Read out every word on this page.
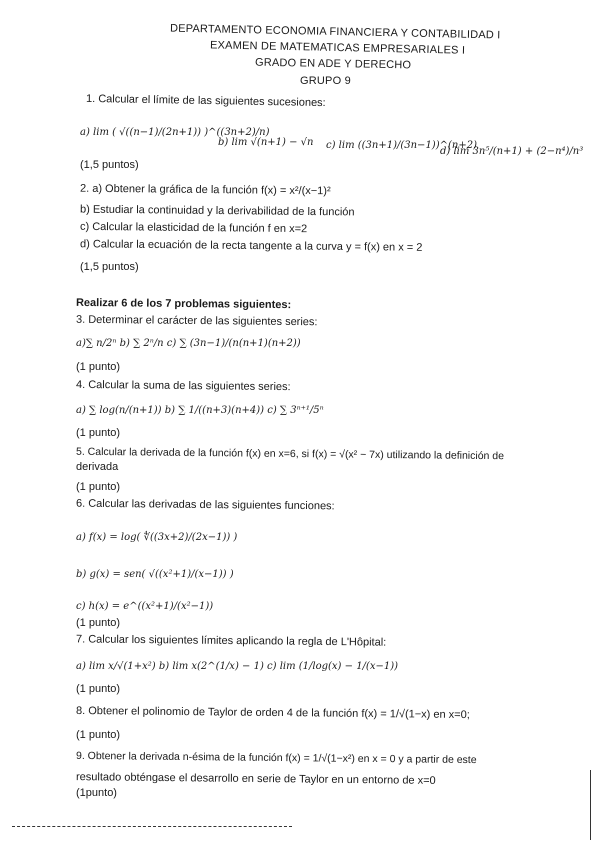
DEPARTAMENTO ECONOMIA FINANCIERA Y CONTABILIDAD I
EXAMEN DE MATEMATICAS EMPRESARIALES I
GRADO EN ADE Y DERECHO
GRUPO 9
1. Calcular el límite de las siguientes sucesiones:
a) lim ( √((n−1)/(2n+1)) )^((3n+2)/n)
b) lim √(n+1) − √n c) lim ((3n+1)/(3n−1))^(n+2)
d) lim 3n⁵/(n+1) + (2−n⁴)/n³
(1,5 puntos)
2. a) Obtener la gráfica de la función f(x) = x²/(x−1)²
b) Estudiar la continuidad y la derivabilidad de la función
c) Calcular la elasticidad de la función f en x=2
d) Calcular la ecuación de la recta tangente a la curva y = f(x) en x = 2
(1,5 puntos)
Realizar 6 de los 7 problemas siguientes:
3. Determinar el carácter de las siguientes series:
a)∑ n/2ⁿ b) ∑ 2ⁿ/n c) ∑ (3n−1)/(n(n+1)(n+2))
(1 punto)
4. Calcular la suma de las siguientes series:
a) ∑ log(n/(n+1)) b) ∑ 1/((n+3)(n+4)) c) ∑ 3ⁿ⁺¹/5ⁿ
(1 punto)
5. Calcular la derivada de la función f(x) en x=6, si f(x) = √(x² − 7x) utilizando la definición de
derivada
(1 punto)
6. Calcular las derivadas de las siguientes funciones:
a) f(x) = log( ∜((3x+2)/(2x−1)) )
b) g(x) = sen( √((x²+1)/(x−1)) )
c) h(x) = e^((x²+1)/(x²−1))
(1 punto)
7. Calcular los siguientes límites aplicando la regla de L'Hôpital:
a) lim x/√(1+x²) b) lim x(2^(1/x) − 1) c) lim (1/log(x) − 1/(x−1))
(1 punto)
8. Obtener el polinomio de Taylor de orden 4 de la función f(x) = 1/√(1−x) en x=0;
(1 punto)
9. Obtener la derivada n-ésima de la función f(x) = 1/√(1−x²) en x = 0 y a partir de este
resultado obténgase el desarrollo en serie de Taylor en un entorno de x=0
(1punto)
